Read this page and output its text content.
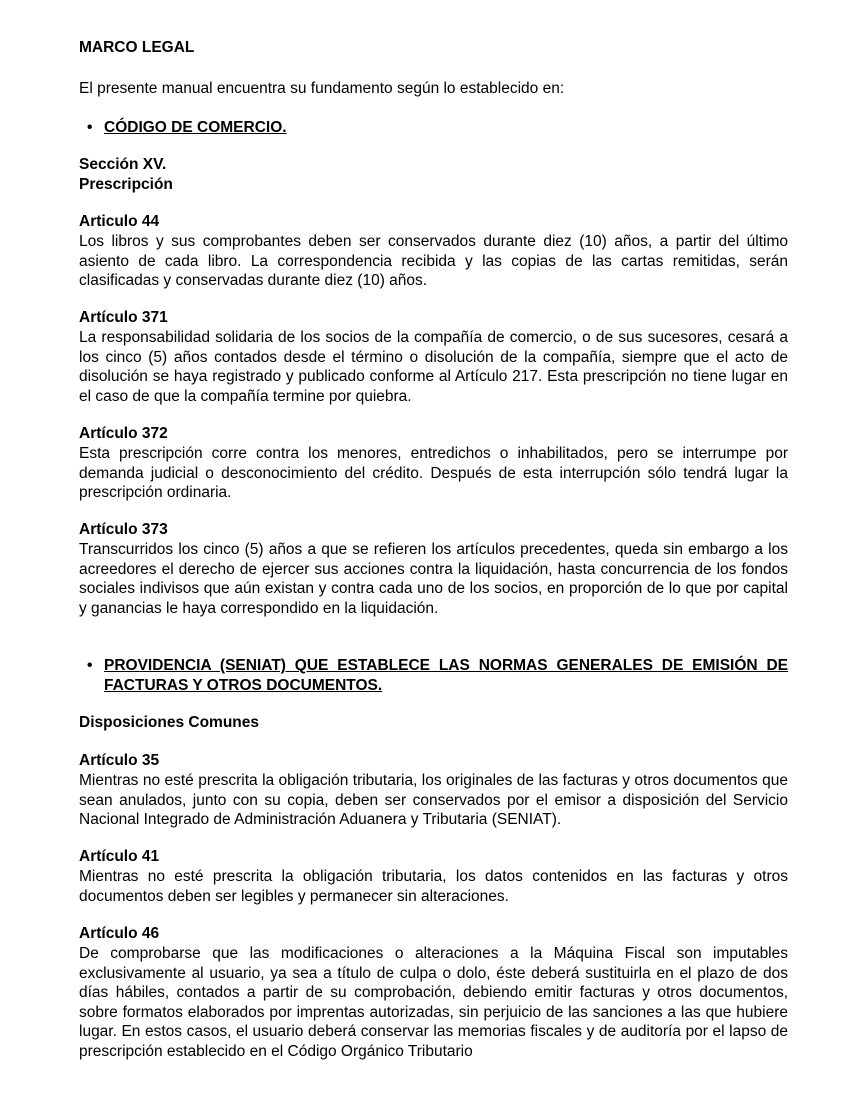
MARCO LEGAL
El presente manual encuentra su fundamento según lo establecido en:
• CÓDIGO DE COMERCIO.
Sección XV.
Prescripción
Articulo 44
Los libros y sus comprobantes deben ser conservados durante diez (10) años, a partir del último asiento de cada libro. La correspondencia recibida y las copias de las cartas remitidas, serán clasificadas y conservadas durante diez (10) años.
Artículo 371
La responsabilidad solidaria de los socios de la compañía de comercio, o de sus sucesores, cesará a los cinco (5) años contados desde el término o disolución de la compañía, siempre que el acto de disolución se haya registrado y publicado conforme al Artículo 217. Esta prescripción no tiene lugar en el caso de que la compañía termine por quiebra.
Artículo 372
Esta prescripción corre contra los menores, entredichos o inhabilitados, pero se interrumpe por demanda judicial o desconocimiento del crédito. Después de esta interrupción sólo tendrá lugar la prescripción ordinaria.
Artículo 373
Transcurridos los cinco (5) años a que se refieren los artículos precedentes, queda sin embargo a los acreedores el derecho de ejercer sus acciones contra la liquidación, hasta concurrencia de los fondos sociales indivisos que aún existan y contra cada uno de los socios, en proporción de lo que por capital y ganancias le haya correspondido en la liquidación.
• PROVIDENCIA (SENIAT) QUE ESTABLECE LAS NORMAS GENERALES DE EMISIÓN DE FACTURAS Y OTROS DOCUMENTOS.
Disposiciones Comunes
Artículo 35
Mientras no esté prescrita la obligación tributaria, los originales de las facturas y otros documentos que sean anulados, junto con su copia, deben ser conservados por el emisor a disposición del Servicio Nacional Integrado de Administración Aduanera y Tributaria (SENIAT).
Artículo 41
Mientras no esté prescrita la obligación tributaria, los datos contenidos en las facturas y otros documentos deben ser legibles y permanecer sin alteraciones.
Artículo 46
De comprobarse que las modificaciones o alteraciones a la Máquina Fiscal son imputables exclusivamente al usuario, ya sea a título de culpa o dolo, éste deberá sustituirla en el plazo de dos días hábiles, contados a partir de su comprobación, debiendo emitir facturas y otros documentos, sobre formatos elaborados por imprentas autorizadas, sin perjuicio de las sanciones a las que hubiere lugar. En estos casos, el usuario deberá conservar las memorias fiscales y de auditoría por el lapso de prescripción establecido en el Código Orgánico Tributario
